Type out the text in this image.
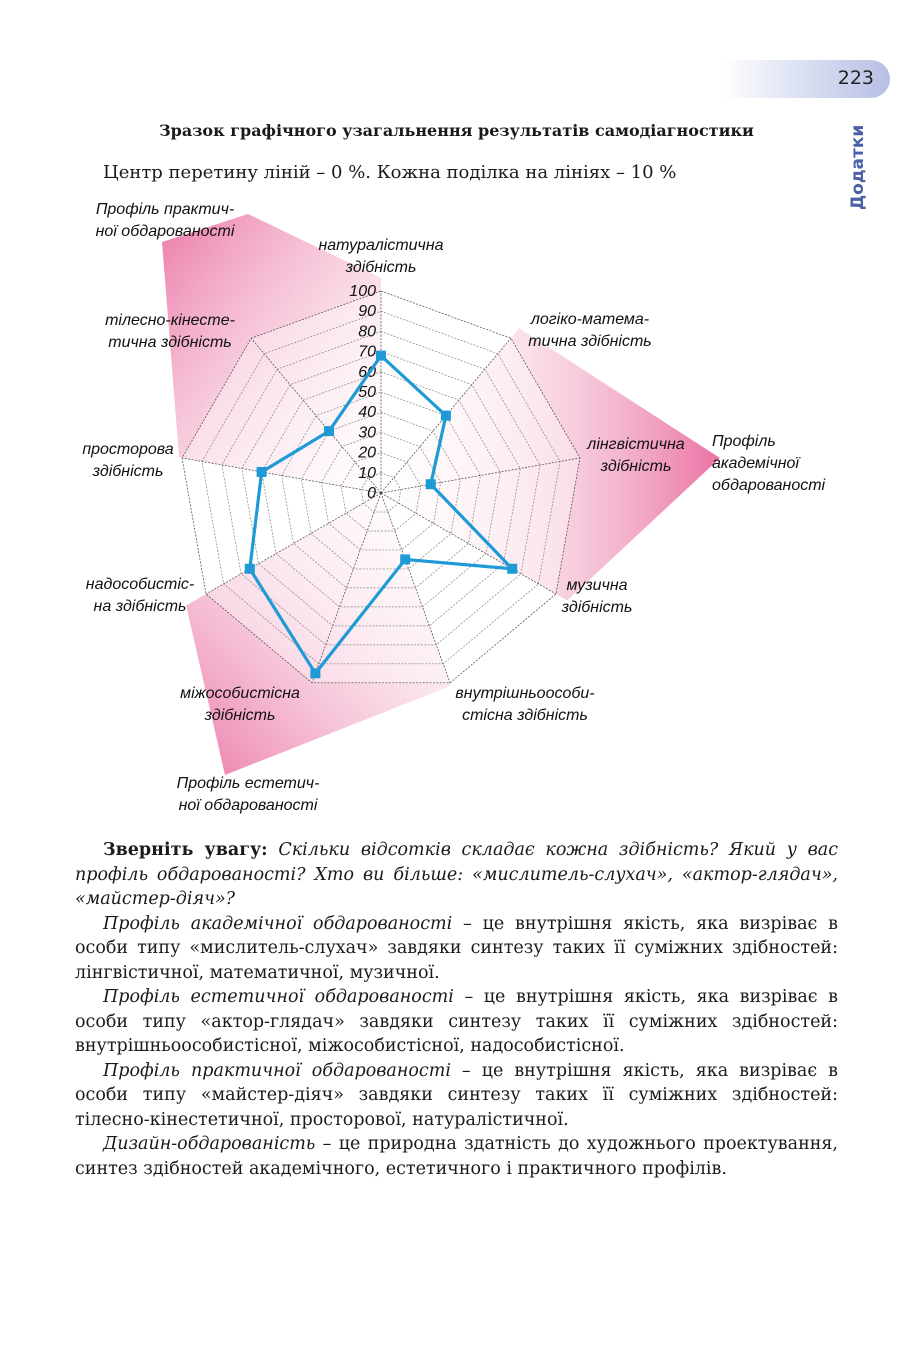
223
Додатки
Зразок графічного узагальнення результатів самодіагностики
Центр перетину ліній – 0 %. Кожна поділка на лініях – 10 %
0
10
20
30
40
50
60
70
80
90
100
натуралістична
здібність
логіко-матема-
тична здібність
лінгвістична
здібність
музична
здібність
внутрішньоособи-
стісна здібність
міжособистісна
здібність
надособистіс-
на здібність
просторова
здібність
тілесно-кінесте-
тична здібність
Профіль практич-
ної обдарованості
Профіль
академічної
обдарованості
Профіль естетич-
ної обдарованості

Зверніть увагу: Скільки відсотків складає кожна здібність? Який у вас профіль обдарованості? Хто ви більше: «мислитель-слухач», «актор-глядач», «майстер-діяч»?

Профіль академічної обдарованості – це внутрішня якість, яка визріває в особи типу «мислитель-слухач» завдяки синтезу таких її суміжних здібностей: лінгвістичної, математичної, музичної.

Профіль естетичної обдарованості – це внутрішня якість, яка визріває в особи типу «актор-глядач» завдяки синтезу таких її суміжних здібностей: внутрішньоособистісної, міжособистісної, надособистісної.

Профіль практичної обдарованості – це внутрішня якість, яка визріває в особи типу «майстер-діяч» завдяки синтезу таких її суміжних здібностей: тілесно-кінестетичної, просторової, натуралістичної.

Дизайн-обдарованість – це природна здатність до художнього проектування, синтез здібностей академічного, естетичного і практичного профілів.
